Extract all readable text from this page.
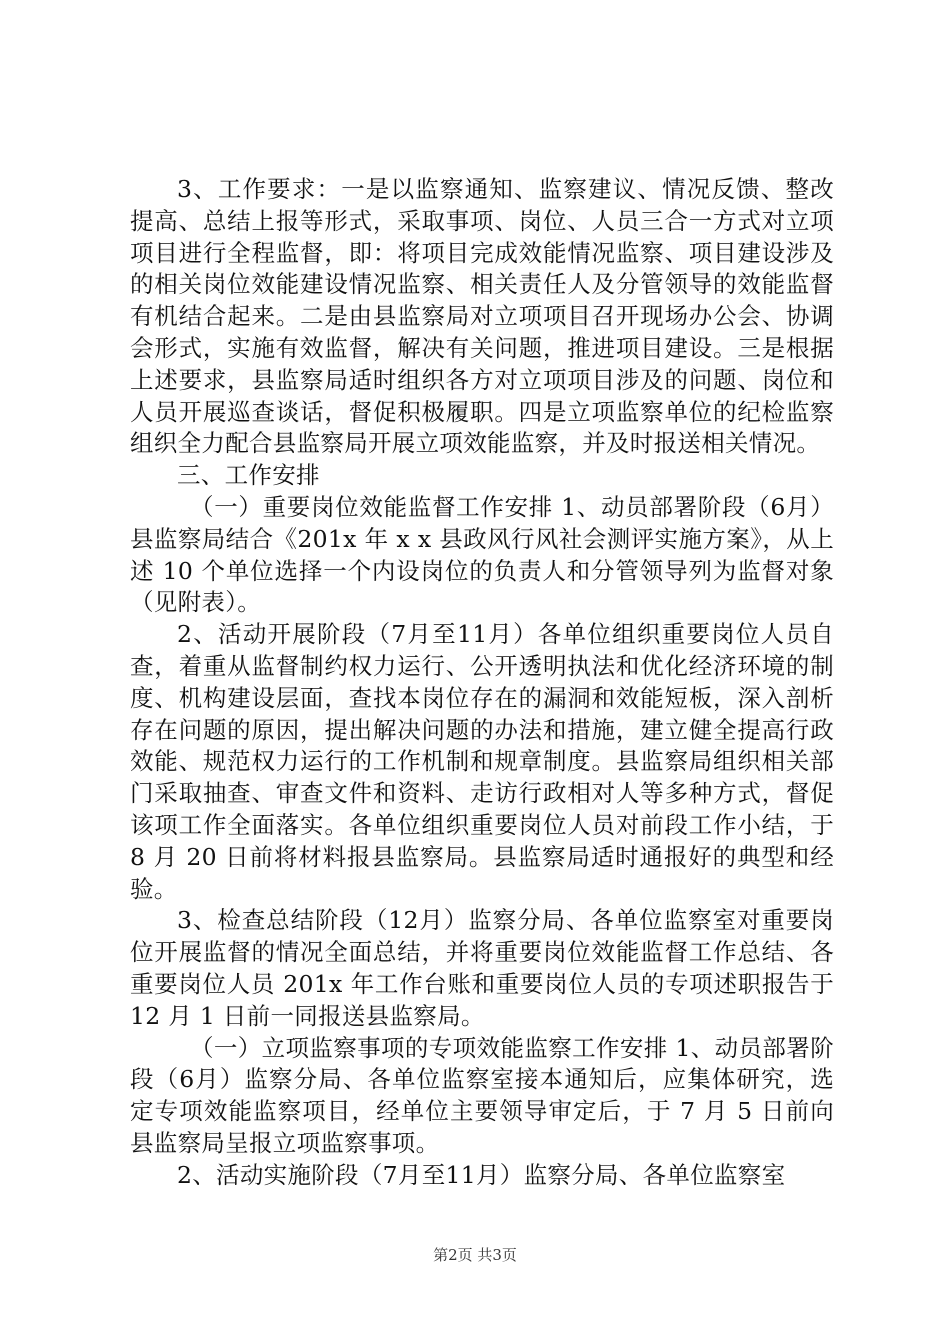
3、工作要求：一是以监察通知、监察建议、情况反馈、整改提高、总结上报等形式，采取事项、岗位、人员三合一方式对立项项目进行全程监督，即：将项目完成效能情况监察、项目建设涉及的相关岗位效能建设情况监察、相关责任人及分管领导的效能监督有机结合起来。二是由县监察局对立项项目召开现场办公会、协调会形式，实施有效监督，解决有关问题，推进项目建设。三是根据上述要求，县监察局适时组织各方对立项项目涉及的问题、岗位和人员开展巡查谈话，督促积极履职。四是立项监察单位的纪检监察组织全力配合县监察局开展立项效能监察，并及时报送相关情况。

三、工作安排

（一）重要岗位效能监督工作安排 1、动员部署阶段（6月）县监察局结合《201x 年 x x 县政风行风社会测评实施方案》，从上述 10 个单位选择一个内设岗位的负责人和分管领导列为监督对象（见附表）。

2、活动开展阶段（7月至11月）各单位组织重要岗位人员自查，着重从监督制约权力运行、公开透明执法和优化经济环境的制度、机构建设层面，查找本岗位存在的漏洞和效能短板，深入剖析存在问题的原因，提出解决问题的办法和措施，建立健全提高行政效能、规范权力运行的工作机制和规章制度。县监察局组织相关部门采取抽查、审查文件和资料、走访行政相对人等多种方式，督促该项工作全面落实。各单位组织重要岗位人员对前段工作小结，于 8 月 20 日前将材料报县监察局。县监察局适时通报好的典型和经验。

3、检查总结阶段（12月）监察分局、各单位监察室对重要岗位开展监督的情况全面总结，并将重要岗位效能监督工作总结、各重要岗位人员 201x 年工作台账和重要岗位人员的专项述职报告于 12 月 1 日前一同报送县监察局。

（一）立项监察事项的专项效能监察工作安排 1、动员部署阶段（6月）监察分局、各单位监察室接本通知后，应集体研究，选定专项效能监察项目，经单位主要领导审定后，于 7 月 5 日前向县监察局呈报立项监察事项。

2、活动实施阶段（7月至11月）监察分局、各单位监察室

第2页 共3页
